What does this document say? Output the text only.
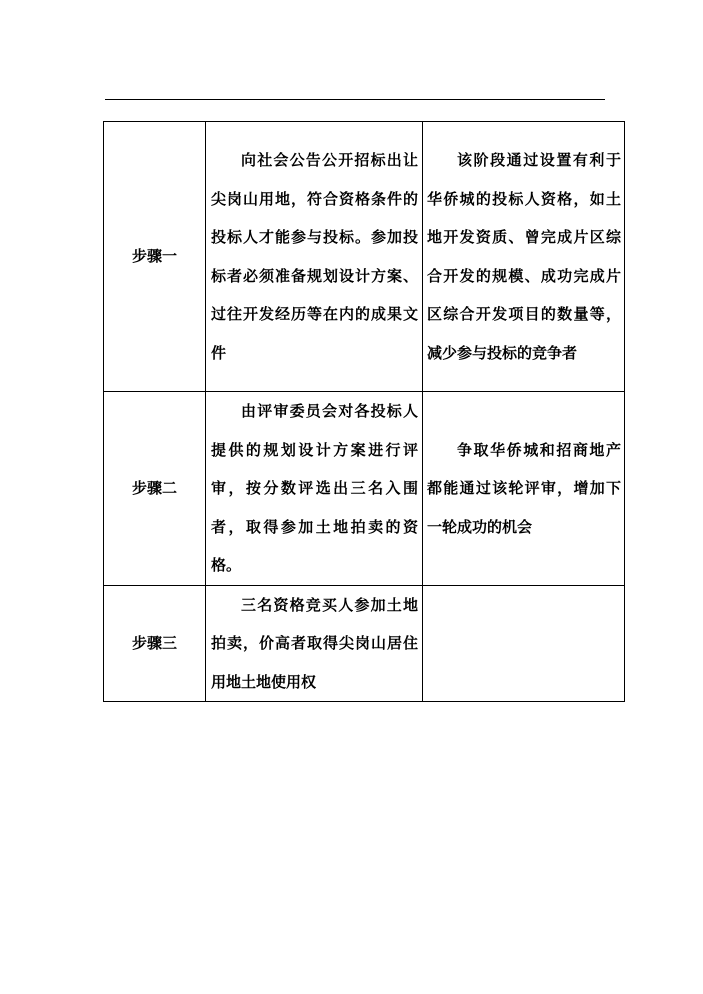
步骤一	向社会公告公开招标出让尖岗山用地，符合资格条件的投标人才能参与投标。参加投标者必须准备规划设计方案、过往开发经历等在内的成果文件	该阶段通过设置有利于华侨城的投标人资格，如土地开发资质、曾完成片区综合开发的规模、成功完成片区综合开发项目的数量等，减少参与投标的竞争者

步骤二	由评审委员会对各投标人提供的规划设计方案进行评审，按分数评选出三名入围者，取得参加土地拍卖的资格。	争取华侨城和招商地产都能通过该轮评审，增加下一轮成功的机会

步骤三	三名资格竞买人参加土地拍卖，价高者取得尖岗山居住用地土地使用权	
